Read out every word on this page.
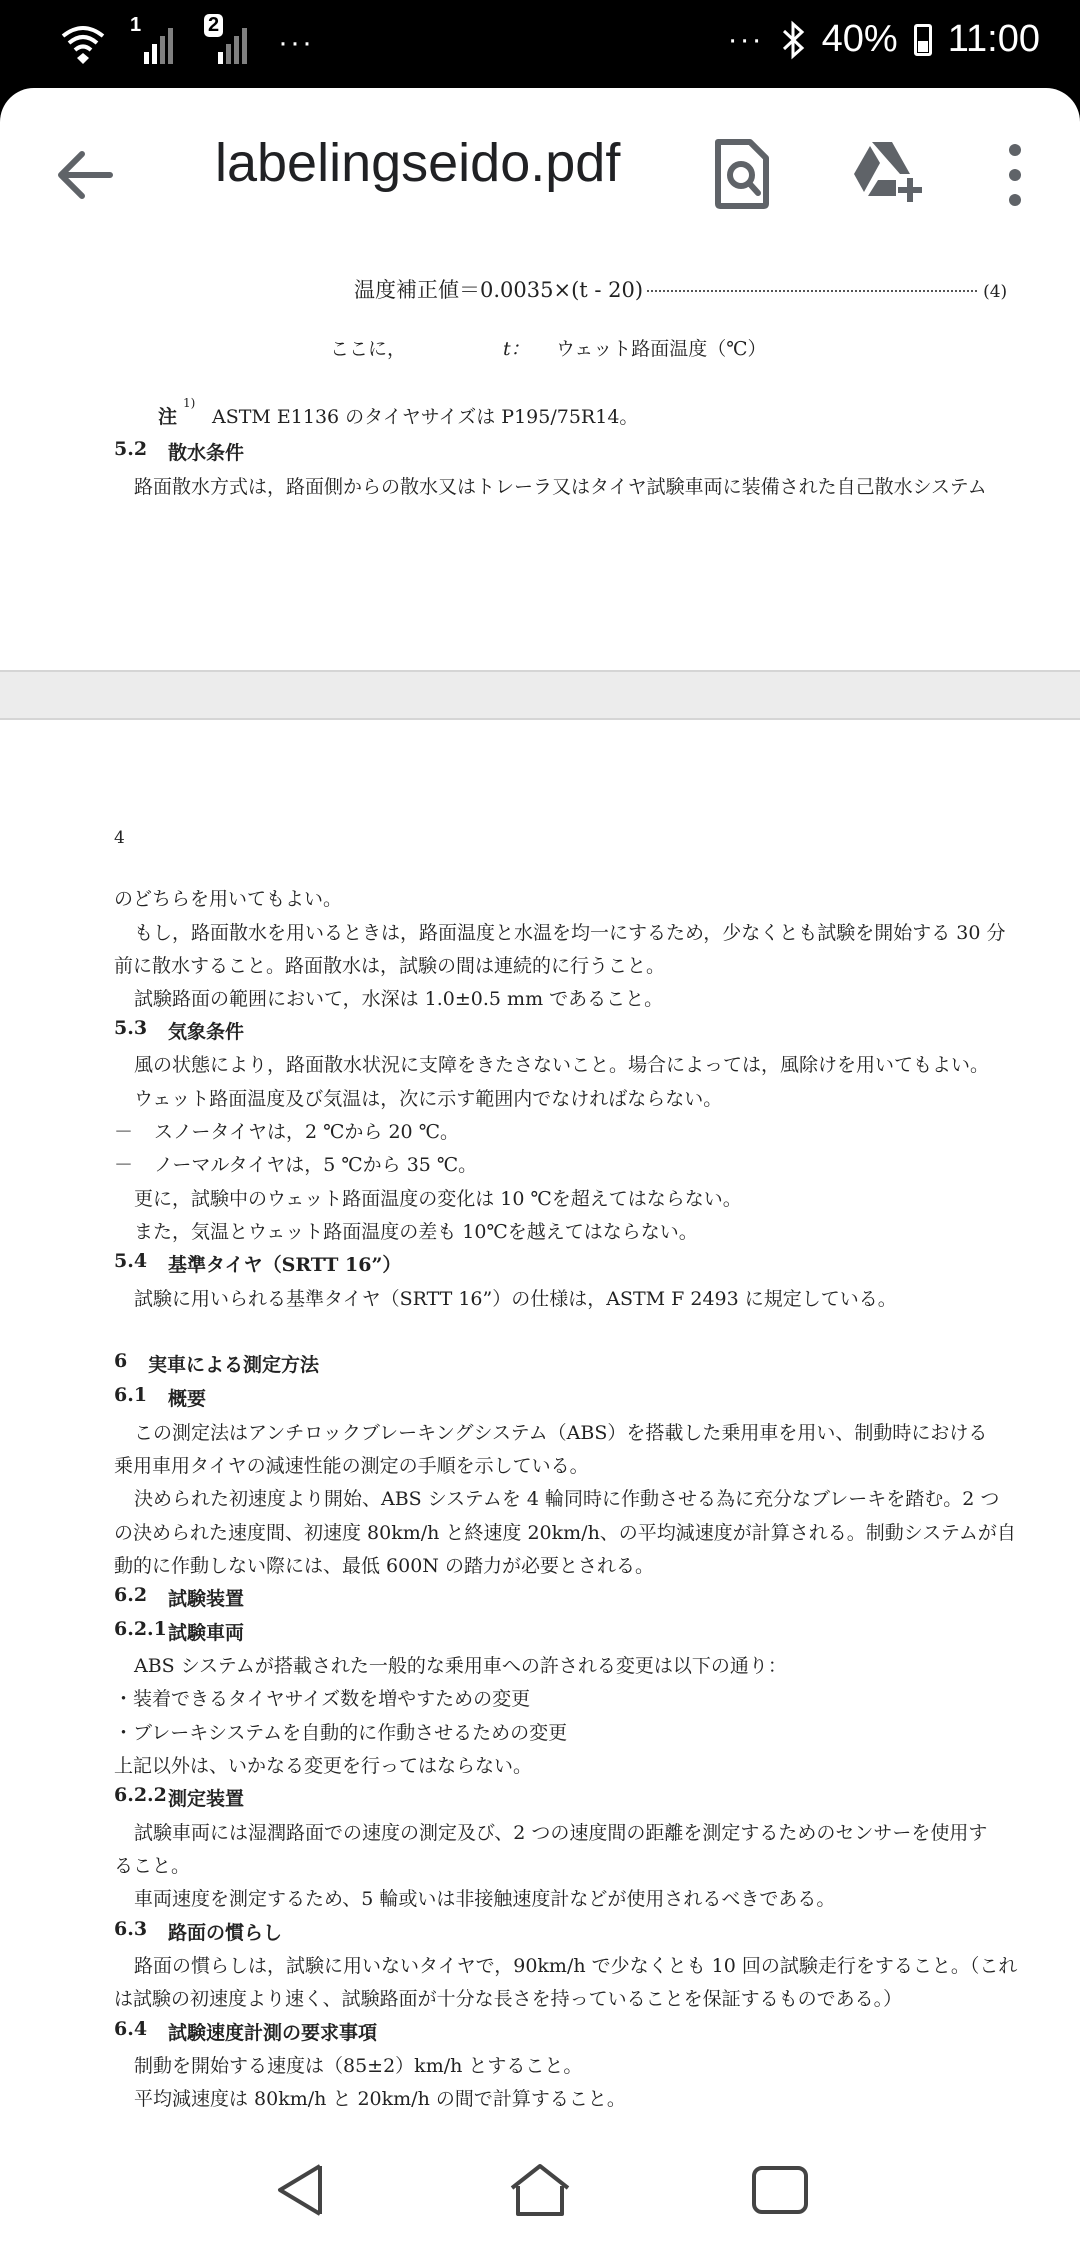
1	2
···	··· 40% 11:00
labelingseido.pdf
温度補正値＝0.0035×(t - 20)	(4)
ここに，	t： ウェット路面温度（℃）
注
1)
ASTM E1136 のタイヤサイズは P195/75R14。
5.2 散水条件
路面散水方式は，路面側からの散水又はトレーラ又はタイヤ試験車両に装備された自己散水システム
4
のどちらを用いてもよい。
もし，路面散水を用いるときは，路面温度と水温を均一にするため，少なくとも試験を開始する 30 分
前に散水すること。路面散水は，試験の間は連続的に行うこと。
試験路面の範囲において，水深は 1.0±0.5 mm であること。
5.3 気象条件
風の状態により，路面散水状況に支障をきたさないこと。場合によっては，風除けを用いてもよい。
ウェット路面温度及び気温は，次に示す範囲内でなければならない。
－ スノータイヤは，2 ℃から 20 ℃。
－ ノーマルタイヤは，5 ℃から 35 ℃。
更に，試験中のウェット路面温度の変化は 10 ℃を超えてはならない。
また，気温とウェット路面温度の差も 10℃を越えてはならない。
5.4 基準タイヤ（SRTT 16”）
試験に用いられる基準タイヤ（SRTT 16”）の仕様は，ASTM F 2493 に規定している。
6 実車による測定方法
6.1 概要
この測定法はアンチロックブレーキングシステム（ABS）を搭載した乗用車を用い、制動時における
乗用車用タイヤの減速性能の測定の手順を示している。
決められた初速度より開始、ABS システムを 4 輪同時に作動させる為に充分なブレーキを踏む。2 つ
の決められた速度間、初速度 80km/h と終速度 20km/h、の平均減速度が計算される。制動システムが自
動的に作動しない際には、最低 600N の踏力が必要とされる。
6.2 試験装置
6.2.1 試験車両
ABS システムが搭載された一般的な乗用車への許される変更は以下の通り：
・装着できるタイヤサイズ数を増やすための変更
・ブレーキシステムを自動的に作動させるための変更
上記以外は、いかなる変更を行ってはならない。
6.2.2 測定装置
試験車両には湿潤路面での速度の測定及び、2 つの速度間の距離を測定するためのセンサーを使用す
ること。
車両速度を測定するため、5 輪或いは非接触速度計などが使用されるべきである。
6.3 路面の慣らし
路面の慣らしは，試験に用いないタイヤで，90km/h で少なくとも 10 回の試験走行をすること。（これ
は試験の初速度より速く、試験路面が十分な長さを持っていることを保証するものである。）
6.4 試験速度計測の要求事項
制動を開始する速度は（85±2）km/h とすること。
平均減速度は 80km/h と 20km/h の間で計算すること。
